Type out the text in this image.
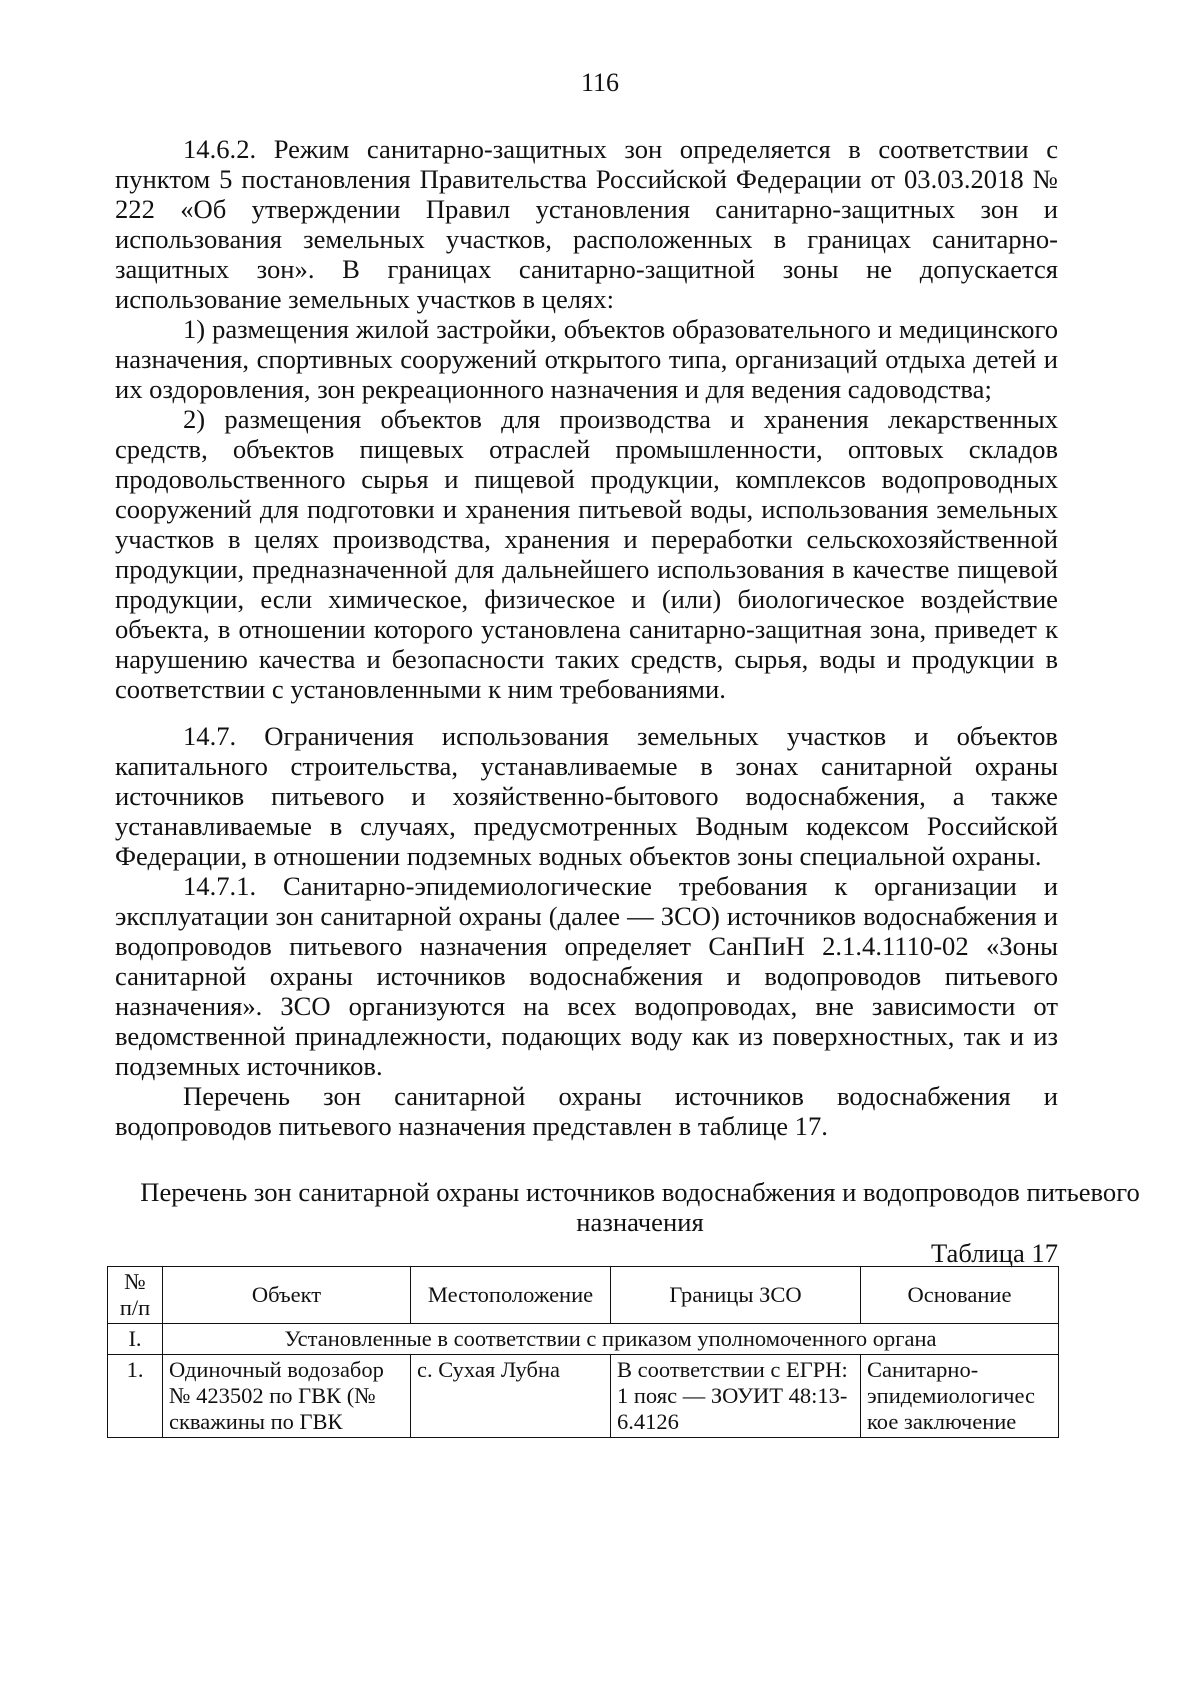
116

14.6.2. Режим санитарно-защитных зон определяется в соответствии с пунктом 5 постановления Правительства Российской Федерации от 03.03.2018 № 222 «Об утверждении Правил установления санитарно-защитных зон и использования земельных участков, расположенных в границах санитарно-защитных зон». В границах санитарно-защитной зоны не допускается использование земельных участков в целях:

1) размещения жилой застройки, объектов образовательного и медицинского назначения, спортивных сооружений открытого типа, организаций отдыха детей и их оздоровления, зон рекреационного назначения и для ведения садоводства;

2) размещения объектов для производства и хранения лекарственных средств, объектов пищевых отраслей промышленности, оптовых складов продовольственного сырья и пищевой продукции, комплексов водопроводных сооружений для подготовки и хранения питьевой воды, использования земельных участков в целях производства, хранения и переработки сельскохозяйственной продукции, предназначенной для дальнейшего использования в качестве пищевой продукции, если химическое, физическое и (или) биологическое воздействие объекта, в отношении которого установлена санитарно-защитная зона, приведет к нарушению качества и безопасности таких средств, сырья, воды и продукции в соответствии с установленными к ним требованиями.

14.7. Ограничения использования земельных участков и объектов капитального строительства, устанавливаемые в зонах санитарной охраны источников питьевого и хозяйственно-бытового водоснабжения, а также устанавливаемые в случаях, предусмотренных Водным кодексом Российской Федерации, в отношении подземных водных объектов зоны специальной охраны.

14.7.1. Санитарно-эпидемиологические требования к организации и эксплуатации зон санитарной охраны (далее — ЗСО) источников водоснабжения и водопроводов питьевого назначения определяет СанПиН 2.1.4.1110-02 «Зоны санитарной охраны источников водоснабжения и водопроводов питьевого назначения». ЗСО организуются на всех водопроводах, вне зависимости от ведомственной принадлежности, подающих воду как из поверхностных, так и из подземных источников.

Перечень зон санитарной охраны источников водоснабжения и водопроводов питьевого назначения представлен в таблице 17.

Перечень зон санитарной охраны источников водоснабжения и водопроводов питьевого назначения
Таблица 17
№ п/п	Объект	Местоположение	Границы ЗСО	Основание
I.	Установленные в соответствии с приказом уполномоченного органа			
1.	Одиночный водозабор № 423502 по ГВК (№ скважины по ГВК	с. Сухая Лубна	В соответствии с ЕГРН: 1 пояс — ЗОУИТ 48:13-6.4126	Санитарно-эпидемиологичес кое заключение
